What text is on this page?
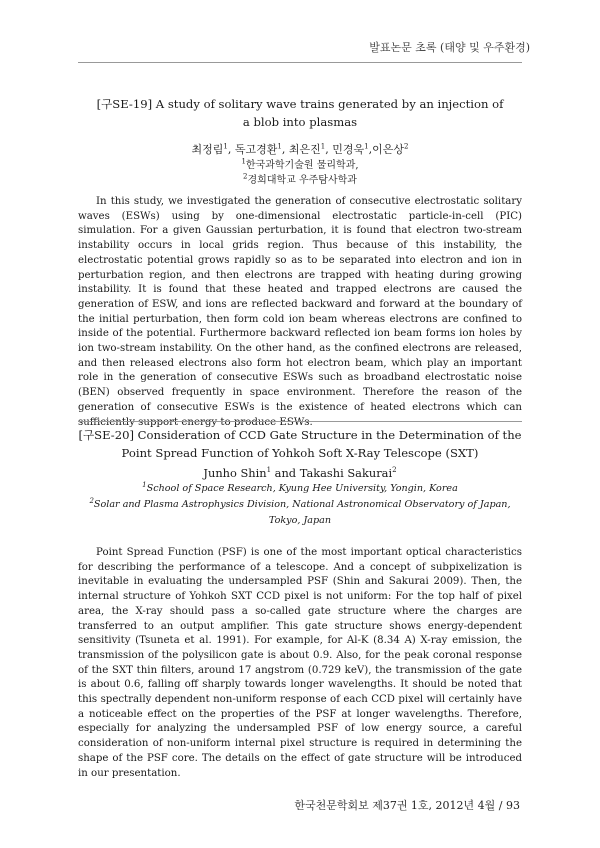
발표논문 초록 (태양 및 우주환경)
[구SE-19] A study of solitary wave trains generated by an injection of a blob into plasmas
최정림$^1$, 독고경환$^1$, 최은진$^1$, 민경욱$^1$,이은상$^2$
$^1$한국과학기술원 물리학과,
$^2$경희대학교 우주탐사학과

In this study, we investigated the generation of consecutive electrostatic solitary waves (ESWs) using by one-dimensional electrostatic particle-in-cell (PIC) simulation. For a given Gaussian perturbation, it is found that electron two-stream instability occurs in local grids region. Thus because of this instability, the electrostatic potential grows rapidly so as to be separated into electron and ion in perturbation region, and then electrons are trapped with heating during growing instability. It is found that these heated and trapped electrons are caused the generation of ESW, and ions are reflected backward and forward at the boundary of the initial perturbation, then form cold ion beam whereas electrons are confined to inside of the potential. Furthermore backward reflected ion beam forms ion holes by ion two-stream instability. On the other hand, as the confined electrons are released, and then released electrons also form hot electron beam, which play an important role in the generation of consecutive ESWs such as broadband electrostatic noise (BEN) observed frequently in space environment. Therefore the reason of the generation of consecutive ESWs is the existence of heated electrons which can sufficiently support energy to produce ESWs.

[구SE-20] Consideration of CCD Gate Structure in the Determination of the Point Spread Function of Yohkoh Soft X-Ray Telescope (SXT)
Junho Shin$^1$ and Takashi Sakurai$^2$
$^1$School of Space Research, Kyung Hee University, Yongin, Korea
$^2$Solar and Plasma Astrophysics Division, National Astronomical Observatory of Japan, Tokyo, Japan

Point Spread Function (PSF) is one of the most important optical characteristics for describing the performance of a telescope. And a concept of subpixelization is inevitable in evaluating the undersampled PSF (Shin and Sakurai 2009). Then, the internal structure of Yohkoh SXT CCD pixel is not uniform: For the top half of pixel area, the X-ray should pass a so-called gate structure where the charges are transferred to an output amplifier. This gate structure shows energy-dependent sensitivity (Tsuneta et al. 1991). For example, for Al-K (8.34 A) X-ray emission, the transmission of the polysilicon gate is about 0.9. Also, for the peak coronal response of the SXT thin filters, around 17 angstrom (0.729 keV), the transmission of the gate is about 0.6, falling off sharply towards longer wavelengths. It should be noted that this spectrally dependent non-uniform response of each CCD pixel will certainly have a noticeable effect on the properties of the PSF at longer wavelengths. Therefore, especially for analyzing the undersampled PSF of low energy source, a careful consideration of non-uniform internal pixel structure is required in determining the shape of the PSF core. The details on the effect of gate structure will be introduced in our presentation.

한국천문학회보 제37권 1호, 2012년 4월 / 93
